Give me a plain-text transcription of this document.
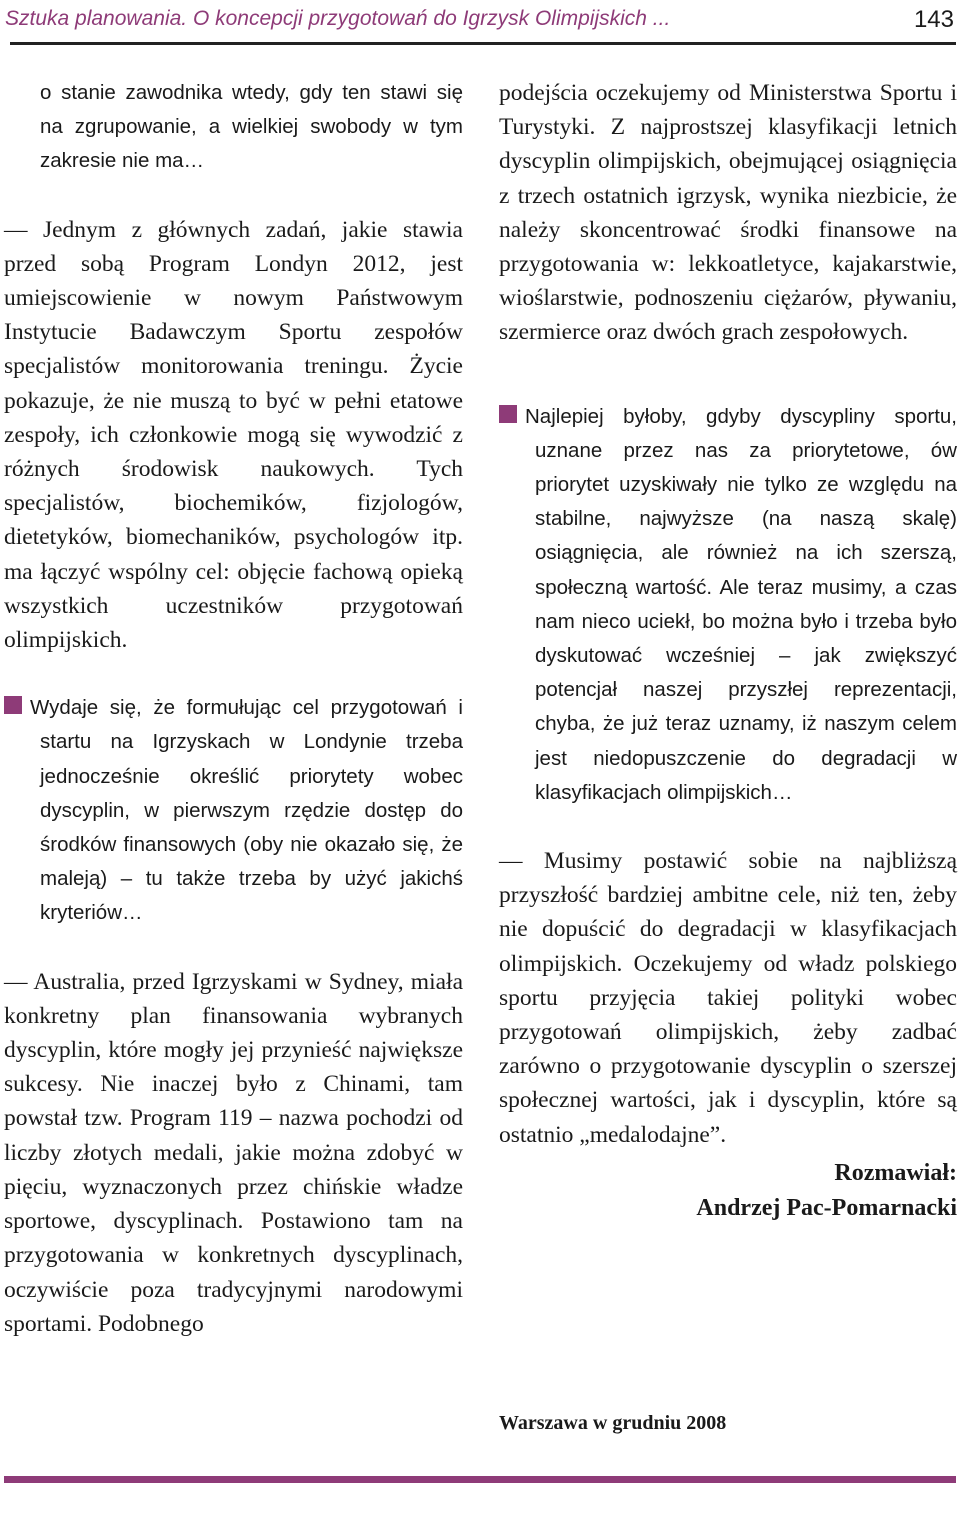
Sztuka planowania. O koncepcji przygotowań do Igrzysk Olimpijskich ...	143

o stanie zawodnika wtedy, gdy ten stawi się na zgrupowanie, a wielkiej swobody w tym zakresie nie ma…

— Jednym z głównych zadań, jakie stawia przed sobą Program Londyn 2012, jest umiejscowienie w nowym Państwowym Instytucie Badawczym Sportu zespołów specjalistów monitorowania treningu. Życie pokazuje, że nie muszą to być w pełni etatowe zespoły, ich członkowie mogą się wywodzić z różnych środowisk naukowych. Tych specjalistów, biochemików, fizjologów, dietetyków, biomechaników, psychologów itp. ma łączyć wspólny cel: objęcie fachową opieką wszystkich uczestników przygotowań olimpijskich.

Wydaje się, że formułując cel przygotowań i startu na Igrzyskach w Londynie trzeba jednocześnie określić priorytety wobec dyscyplin, w pierwszym rzędzie dostęp do środków finansowych (oby nie okazało się, że maleją) – tu także trzeba by użyć jakichś kryteriów…

— Australia, przed Igrzyskami w Sydney, miała konkretny plan finansowania wybranych dyscyplin, które mogły jej przynieść największe sukcesy. Nie inaczej było z Chinami, tam powstał tzw. Program 119 – nazwa pochodzi od liczby złotych medali, jakie można zdobyć w pięciu, wyznaczonych przez chińskie władze sportowe, dyscyplinach. Postawiono tam na przygotowania w konkretnych dyscyplinach, oczywiście poza tradycyjnymi narodowymi sportami. Podobnego

podejścia oczekujemy od Ministerstwa Sportu i Turystyki. Z najprostszej klasyfikacji letnich dyscyplin olimpijskich, obejmującej osiągnięcia z trzech ostatnich igrzysk, wynika niezbicie, że należy skoncentrować środki finansowe na przygotowania w: lekkoatletyce, kajakarstwie, wioślarstwie, podnoszeniu ciężarów, pływaniu, szermierce oraz dwóch grach zespołowych.

Najlepiej byłoby, gdyby dyscypliny sportu, uznane przez nas za priorytetowe, ów priorytet uzyskiwały nie tylko ze względu na stabilne, najwyższe (na naszą skalę) osiągnięcia, ale również na ich szerszą, społeczną wartość. Ale teraz musimy, a czas nam nieco uciekł, bo można było i trzeba było dyskutować wcześniej – jak zwiększyć potencjał naszej przyszłej reprezentacji, chyba, że już teraz uznamy, iż naszym celem jest niedopuszczenie do degradacji w klasyfikacjach olimpijskich…

— Musimy postawić sobie na najbliższą przyszłość bardziej ambitne cele, niż ten, żeby nie dopuścić do degradacji w klasyfikacjach olimpijskich. Oczekujemy od władz polskiego sportu przyjęcia takiej polityki wobec przygotowań olimpijskich, żeby zadbać zarówno o przygotowanie dyscyplin o szerszej społecznej wartości, jak i dyscyplin, które są ostatnio „medalodajne”.

Rozmawiał:

Andrzej Pac-Pomarnacki

Warszawa w grudniu 2008
